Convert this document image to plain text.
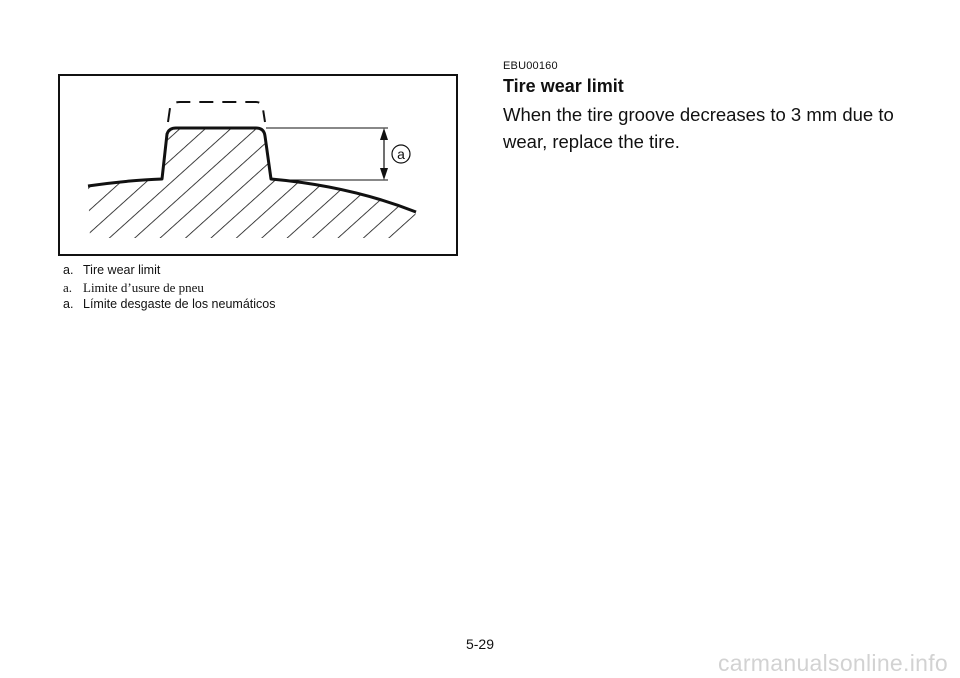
a
a. Tire wear limit
a. Limite d’usure de pneu
a. Límite desgaste de los neumáticos
EBU00160
Tire wear limit

When the tire groove decreases to 3 mm due to wear, replace the tire.

5-29
carmanualsonline.info
